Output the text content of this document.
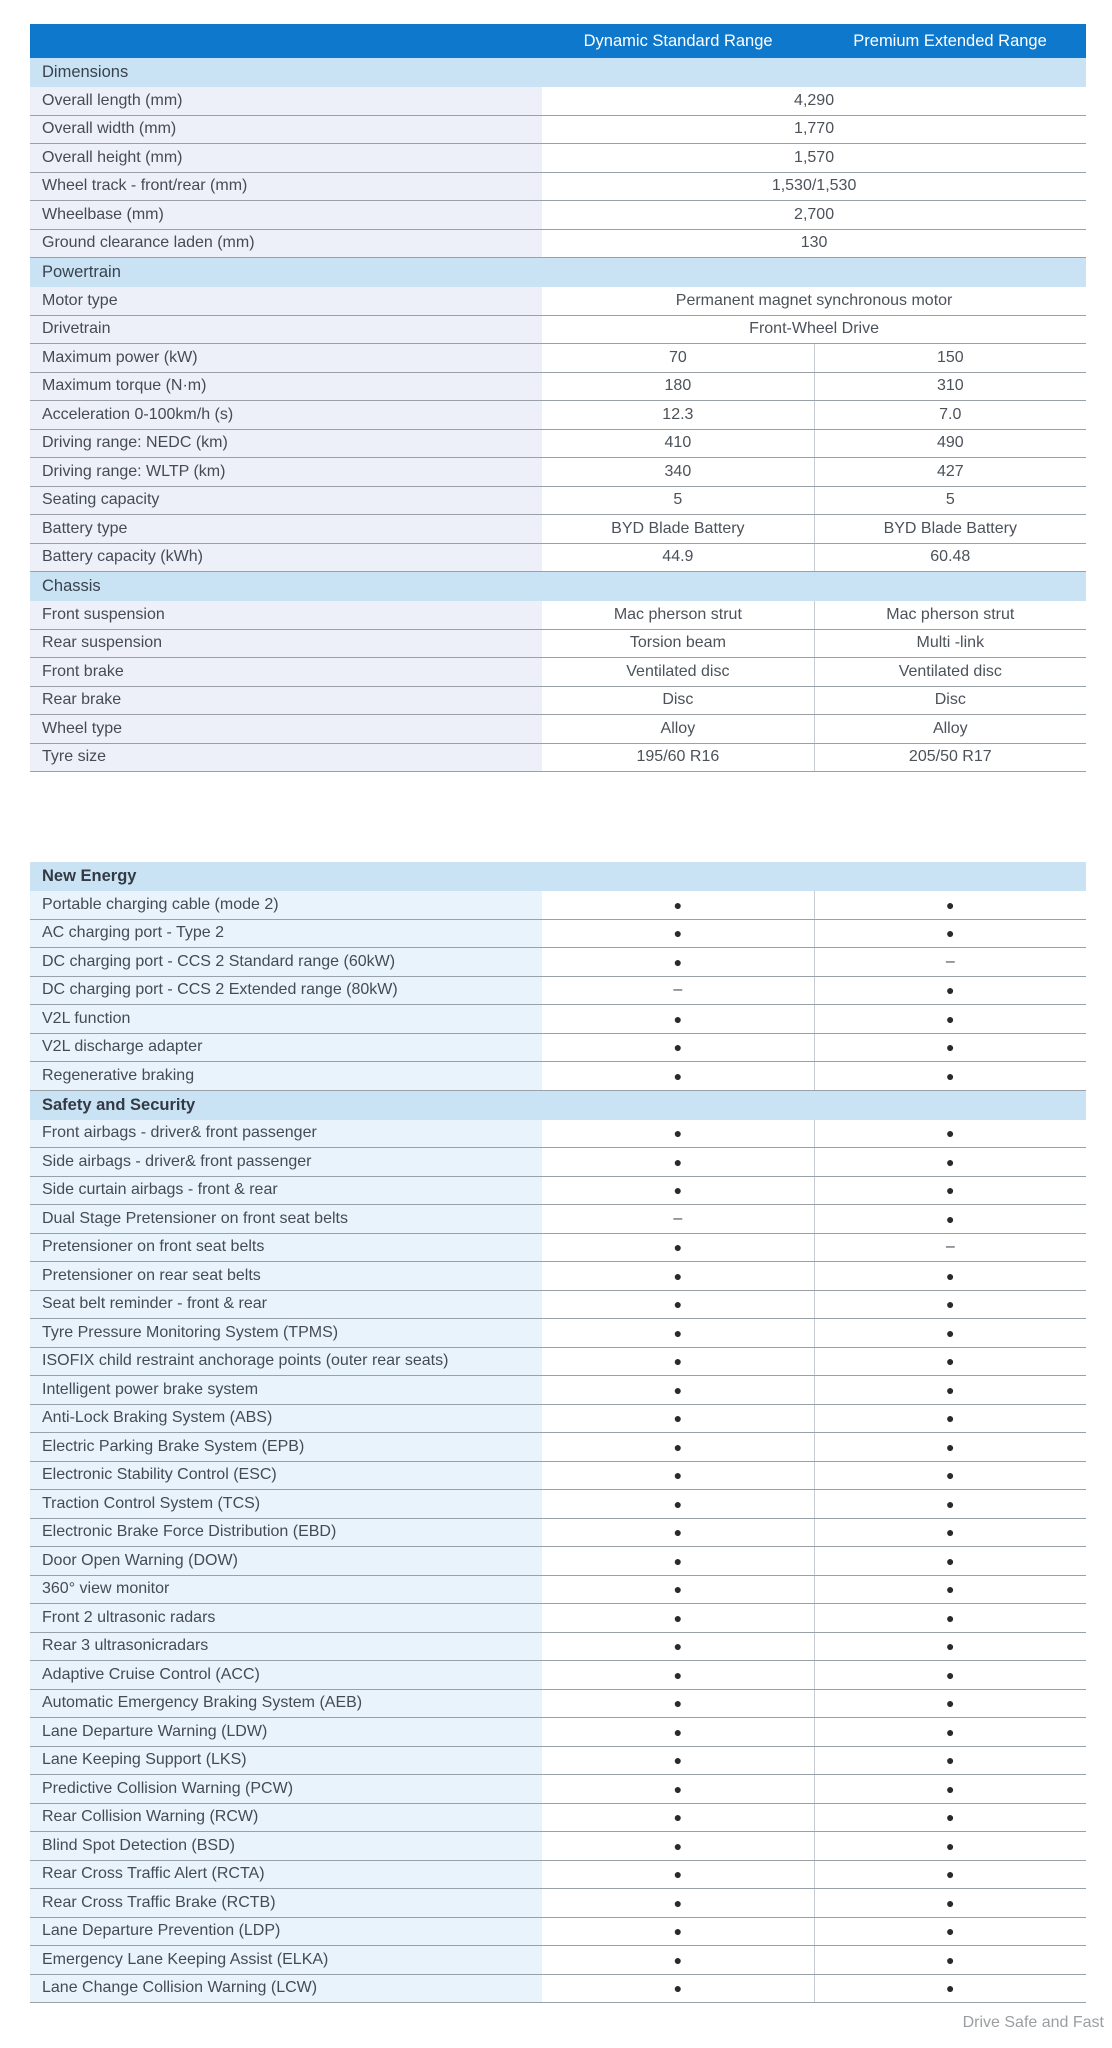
Dynamic Standard Range	Premium Extended Range
Dimensions
Overall length (mm)	4,290
Overall width (mm)	1,770
Overall height (mm)	1,570
Wheel track - front/rear (mm)	1,530/1,530
Wheelbase (mm)	2,700
Ground clearance laden (mm)	130
Powertrain
Motor type	Permanent magnet synchronous motor
Drivetrain	Front-Wheel Drive
Maximum power (kW)	70	150
Maximum torque (N·m)	180	310
Acceleration 0-100km/h (s)	12.3	7.0
Driving range: NEDC (km)	410	490
Driving range: WLTP (km)	340	427
Seating capacity	5	5
Battery type	BYD Blade Battery	BYD Blade Battery
Battery capacity (kWh)	44.9	60.48
Chassis
Front suspension	Mac pherson strut	Mac pherson strut
Rear suspension	Torsion beam	Multi -link
Front brake	Ventilated disc	Ventilated disc
Rear brake	Disc	Disc
Wheel type	Alloy	Alloy
Tyre size	195/60 R16	205/50 R17
New Energy
Portable charging cable (mode 2)	●	●
AC charging port - Type 2	●	●
DC charging port - CCS 2 Standard range (60kW)	●	–
DC charging port - CCS 2 Extended range (80kW)	–	●
V2L function	●	●
V2L discharge adapter	●	●
Regenerative braking	●	●
Safety and Security
Front airbags - driver& front passenger	●	●
Side airbags - driver& front passenger	●	●
Side curtain airbags - front & rear	●	●
Dual Stage Pretensioner on front seat belts	–	●
Pretensioner on front seat belts	●	–
Pretensioner on rear seat belts	●	●
Seat belt reminder - front & rear	●	●
Tyre Pressure Monitoring System (TPMS)	●	●
ISOFIX child restraint anchorage points (outer rear seats)	●	●
Intelligent power brake system	●	●
Anti-Lock Braking System (ABS)	●	●
Electric Parking Brake System (EPB)	●	●
Electronic Stability Control (ESC)	●	●
Traction Control System (TCS)	●	●
Electronic Brake Force Distribution (EBD)	●	●
Door Open Warning (DOW)	●	●
360° view monitor	●	●
Front 2 ultrasonic radars	●	●
Rear 3 ultrasonicradars	●	●
Adaptive Cruise Control (ACC)	●	●
Automatic Emergency Braking System (AEB)	●	●
Lane Departure Warning (LDW)	●	●
Lane Keeping Support (LKS)	●	●
Predictive Collision Warning (PCW)	●	●
Rear Collision Warning (RCW)	●	●
Blind Spot Detection (BSD)	●	●
Rear Cross Traffic Alert (RCTA)	●	●
Rear Cross Traffic Brake (RCTB)	●	●
Lane Departure Prevention (LDP)	●	●
Emergency Lane Keeping Assist (ELKA)	●	●
Lane Change Collision Warning (LCW)	●	●
Drive Safe and Fast
